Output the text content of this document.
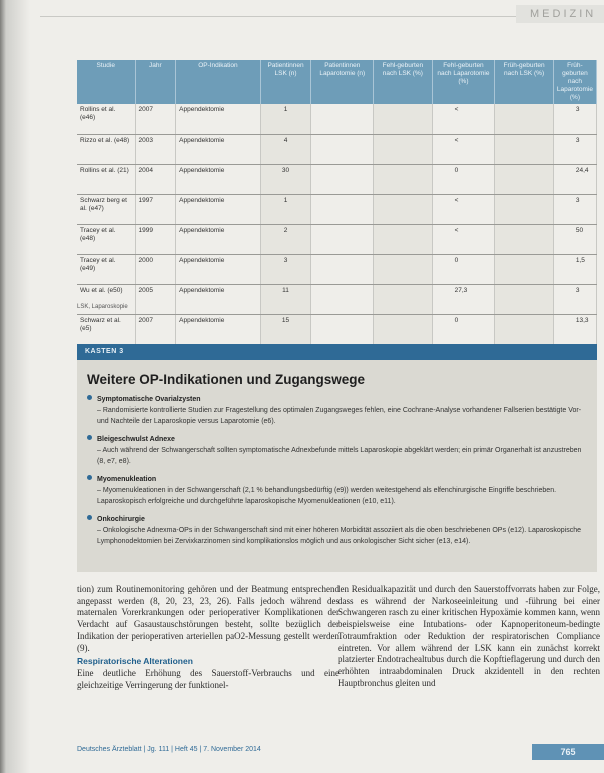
MEDIZIN
Studie	Jahr	OP-Indikation	Patientinnen LSK (n)	Patientinnen Laparotomie (n)	Fehl-geburten nach LSK (%)	Fehl-geburten nach Laparotomie (%)	Früh-geburten nach LSK (%)	Früh-geburten nach Laparotomie (%)
Rollins et al. (e46)	2007	Appendektomie	1			<		3
Rizzo et al. (e48)	2003	Appendektomie	4			<		3
Rollins et al. (21)	2004	Appendektomie	30			0		24,4
Schwarz berg et al. (e47)	1997	Appendektomie	1			<		3
Tracey et al. (e48)	1999	Appendektomie	2			<		50
Tracey et al. (e49)	2000	Appendektomie	3			0		1,5
Wu et al. (e50)	2005	Appendektomie	11			27,3		3
Schwarz et al. (e5)	2007	Appendektomie	15			0		13,3
LSK, Laparoskopie
KASTEN 3
Weitere OP-Indikationen und Zugangswege
Symptomatische Ovarialzysten
– Randomisierte kontrollierte Studien zur Fragestellung des optimalen Zugangsweges fehlen, eine Cochrane-Analyse vorhandener Fallserien bestätigte Vor- und Nachteile der Laparoskopie versus Laparotomie (e6).
Bleigeschwulst Adnexe
– Auch während der Schwangerschaft sollten symptomatische Adnexbefunde mittels Laparoskopie abgeklärt werden; ein primär Organerhalt ist anzustreben (8, e7, e8).
Myomenukleation
– Myomenukleationen in der Schwangerschaft (2,1 % behandlungsbedürftig (e9)) werden weitestgehend als elfenchirurgische Eingriffe beschrieben. Laparoskopisch erfolgreiche und durchgeführte laparoskopische Myomenukleationen (e10, e11).
Onkochirurgie
– Onkologische Adnexma-OPs in der Schwangerschaft sind mit einer höheren Morbidität assoziiert als die oben beschriebenen OPs (e12). Laparoskopische Lymphonodektomien bei Zervixkarzinomen sind komplikationslos möglich und aus onkologischer Sicht sicher (e13, e14).
tion) zum Routinemonitoring gehören und der Beatmung entsprechend angepasst werden (8, 20, 23, 23, 26). Falls jedoch während des maternalen Vorerkrankungen oder perioperativer Komplikationen der Verdacht auf Gasaustauschstörungen besteht, sollte bezüglich der Indikation der perioperativen arteriellen paO2-Messung gestellt werden (9).
Respiratorische Alterationen
Eine deutliche Erhöhung des Sauerstoff-Verbrauchs und eine gleichzeitige Verringerung der funktionel-
len Residualkapazität und durch den Sauerstoffvorrats haben zur Folge, dass es während der Narkoseeinleitung und -führung bei einer Schwangeren rasch zu einer kritischen Hypoxämie kommen kann, wenn beispielsweise eine Intubations- oder Kapnoperitoneum-bedingte Totraumfraktion oder Reduktion der respiratorischen Compliance eintreten. Vor allem während der LSK kann ein zunächst korrekt platzierter Endotrachealtubus durch die Kopftieflagerung und durch den erhöhten intraabdominalen Druck akzidentell in den rechten Hauptbronchus gleiten und
Deutsches Ärzteblatt | Jg. 111 | Heft 45 | 7. November 2014	765
